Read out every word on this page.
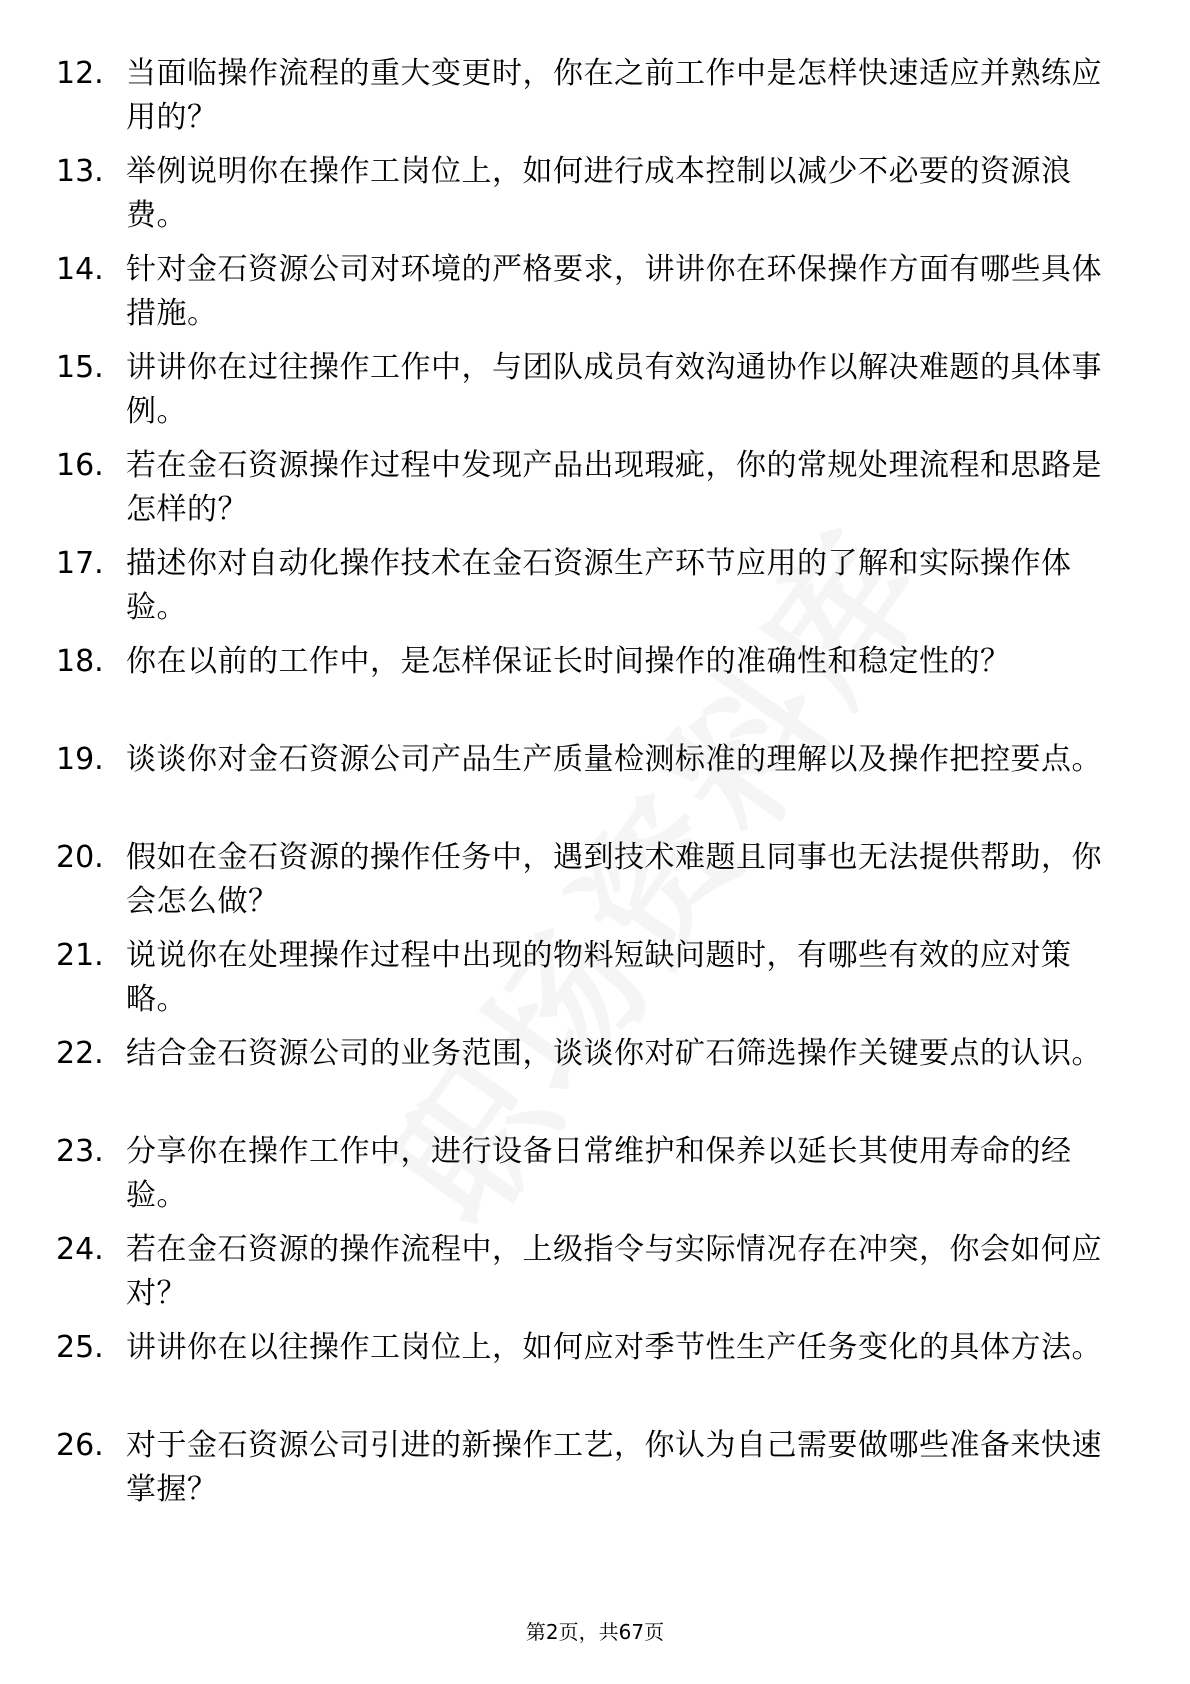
12. 当面临操作流程的重大变更时，你在之前工作中是怎样快速适应并熟练应用的？
13. 举例说明你在操作工岗位上，如何进行成本控制以减少不必要的资源浪费。
14. 针对金石资源公司对环境的严格要求，讲讲你在环保操作方面有哪些具体措施。
15. 讲讲你在过往操作工作中，与团队成员有效沟通协作以解决难题的具体事例。
16. 若在金石资源操作过程中发现产品出现瑕疵，你的常规处理流程和思路是怎样的？
17. 描述你对自动化操作技术在金石资源生产环节应用的了解和实际操作体验。
18. 你在以前的工作中，是怎样保证长时间操作的准确性和稳定性的？
19. 谈谈你对金石资源公司产品生产质量检测标准的理解以及操作把控要点。
20. 假如在金石资源的操作任务中，遇到技术难题且同事也无法提供帮助，你会怎么做？
21. 说说你在处理操作过程中出现的物料短缺问题时，有哪些有效的应对策略。
22. 结合金石资源公司的业务范围，谈谈你对矿石筛选操作关键要点的认识。
23. 分享你在操作工作中，进行设备日常维护和保养以延长其使用寿命的经验。
24. 若在金石资源的操作流程中，上级指令与实际情况存在冲突，你会如何应对？
25. 讲讲你在以往操作工岗位上，如何应对季节性生产任务变化的具体方法。
26. 对于金石资源公司引进的新操作工艺，你认为自己需要做哪些准备来快速掌握？
第2页，共67页
